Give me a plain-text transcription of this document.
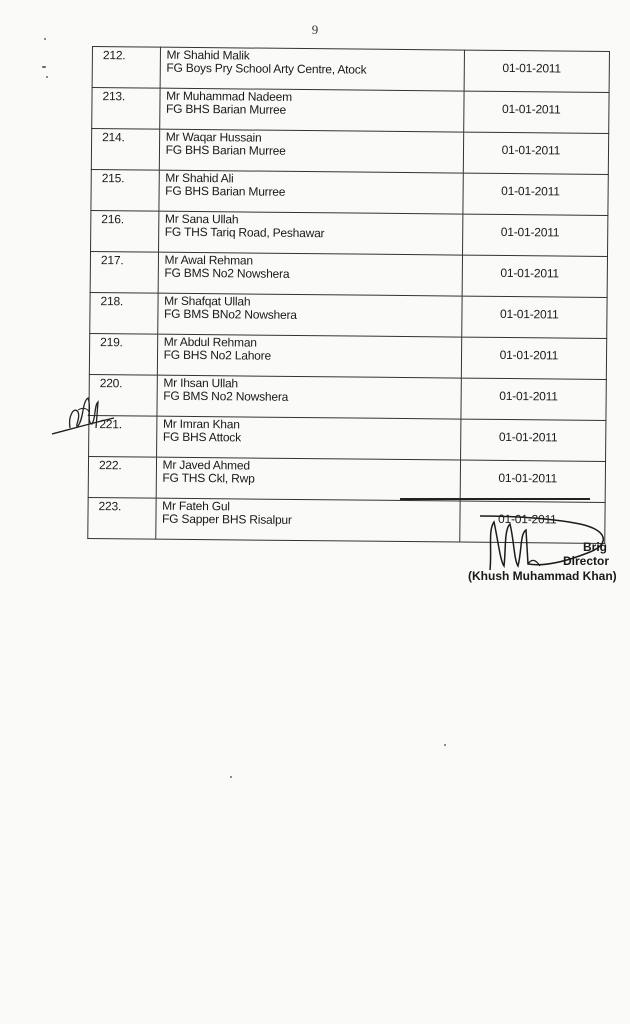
9
212.	Mr Shahid Malik
FG Boys Pry School Arty Centre, Atock	01-01-2011
213.	Mr Muhammad Nadeem
FG BHS Barian Murree	01-01-2011
214.	Mr Waqar Hussain
FG BHS Barian Murree	01-01-2011
215.	Mr Shahid Ali
FG BHS Barian Murree	01-01-2011
216.	Mr Sana Ullah
FG THS Tariq Road, Peshawar	01-01-2011
217.	Mr Awal Rehman
FG BMS No2 Nowshera	01-01-2011
218.	Mr Shafqat Ullah
FG BMS BNo2 Nowshera	01-01-2011
219.	Mr Abdul Rehman
FG BHS No2 Lahore	01-01-2011
220.	Mr Ihsan Ullah
FG BMS No2 Nowshera	01-01-2011
221.	Mr Imran Khan
FG BHS Attock	01-01-2011
222.	Mr Javed Ahmed
FG THS Ckl, Rwp	01-01-2011
223.	Mr Fateh Gul
FG Sapper BHS Risalpur	01-01-2011
Brig
Director
(Khush Muhammad Khan)
